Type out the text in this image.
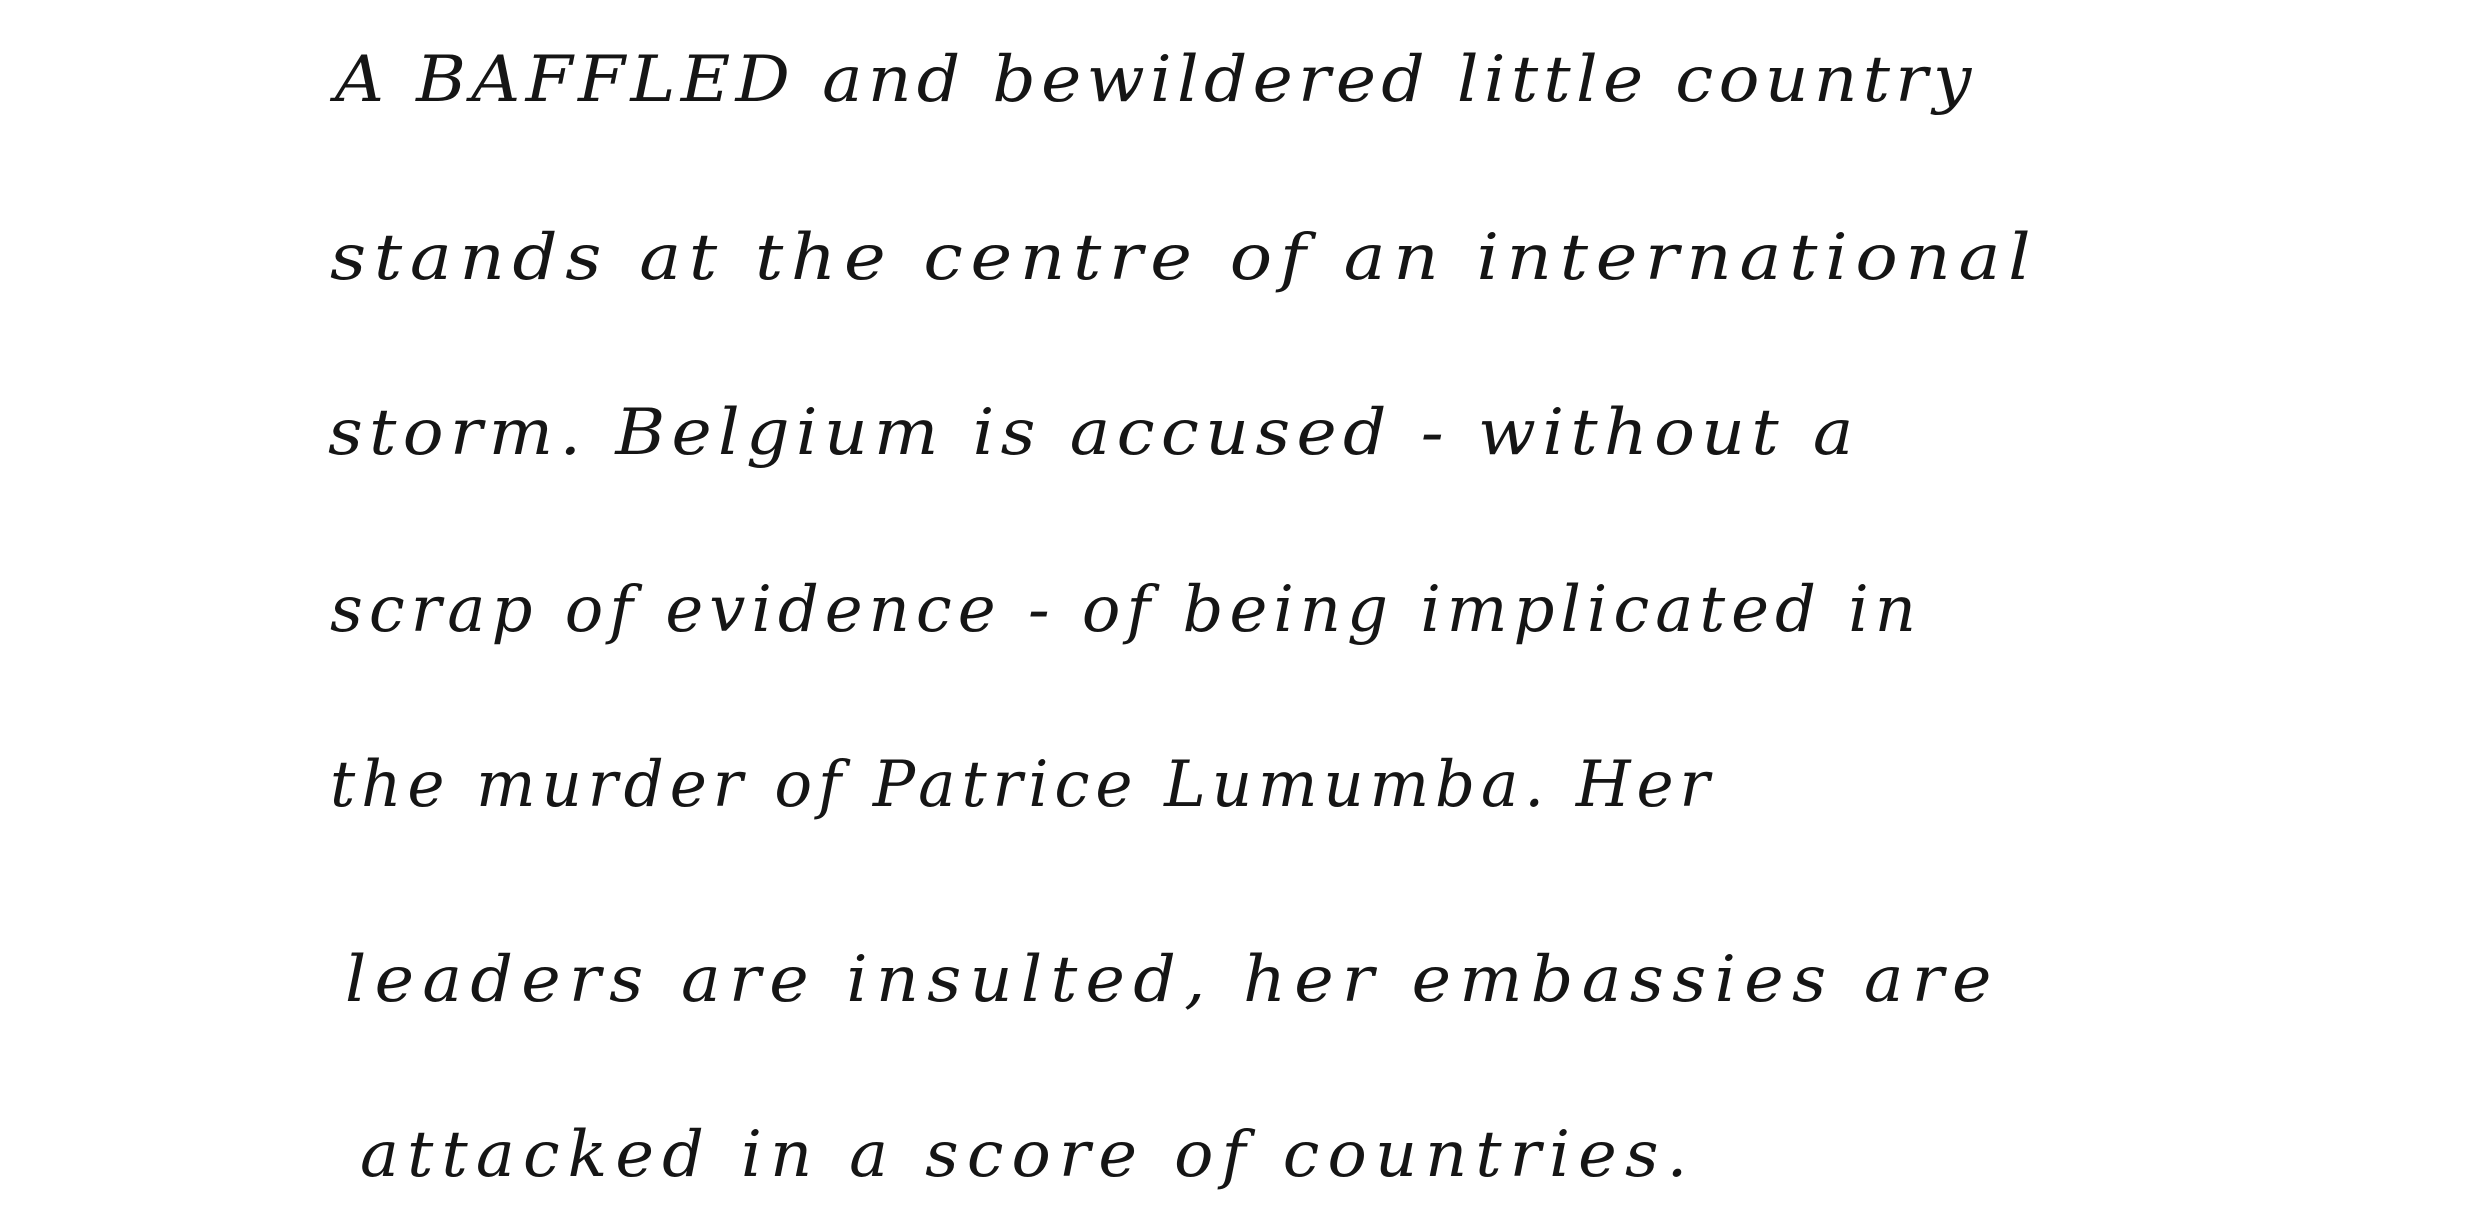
A BAFFLED and bewildered little country
stands at the centre of an international
storm. Belgium is accused - without a
scrap of evidence - of being implicated in
the murder of Patrice Lumumba. Her
leaders are insulted, her embassies are
attacked in a score of countries.
